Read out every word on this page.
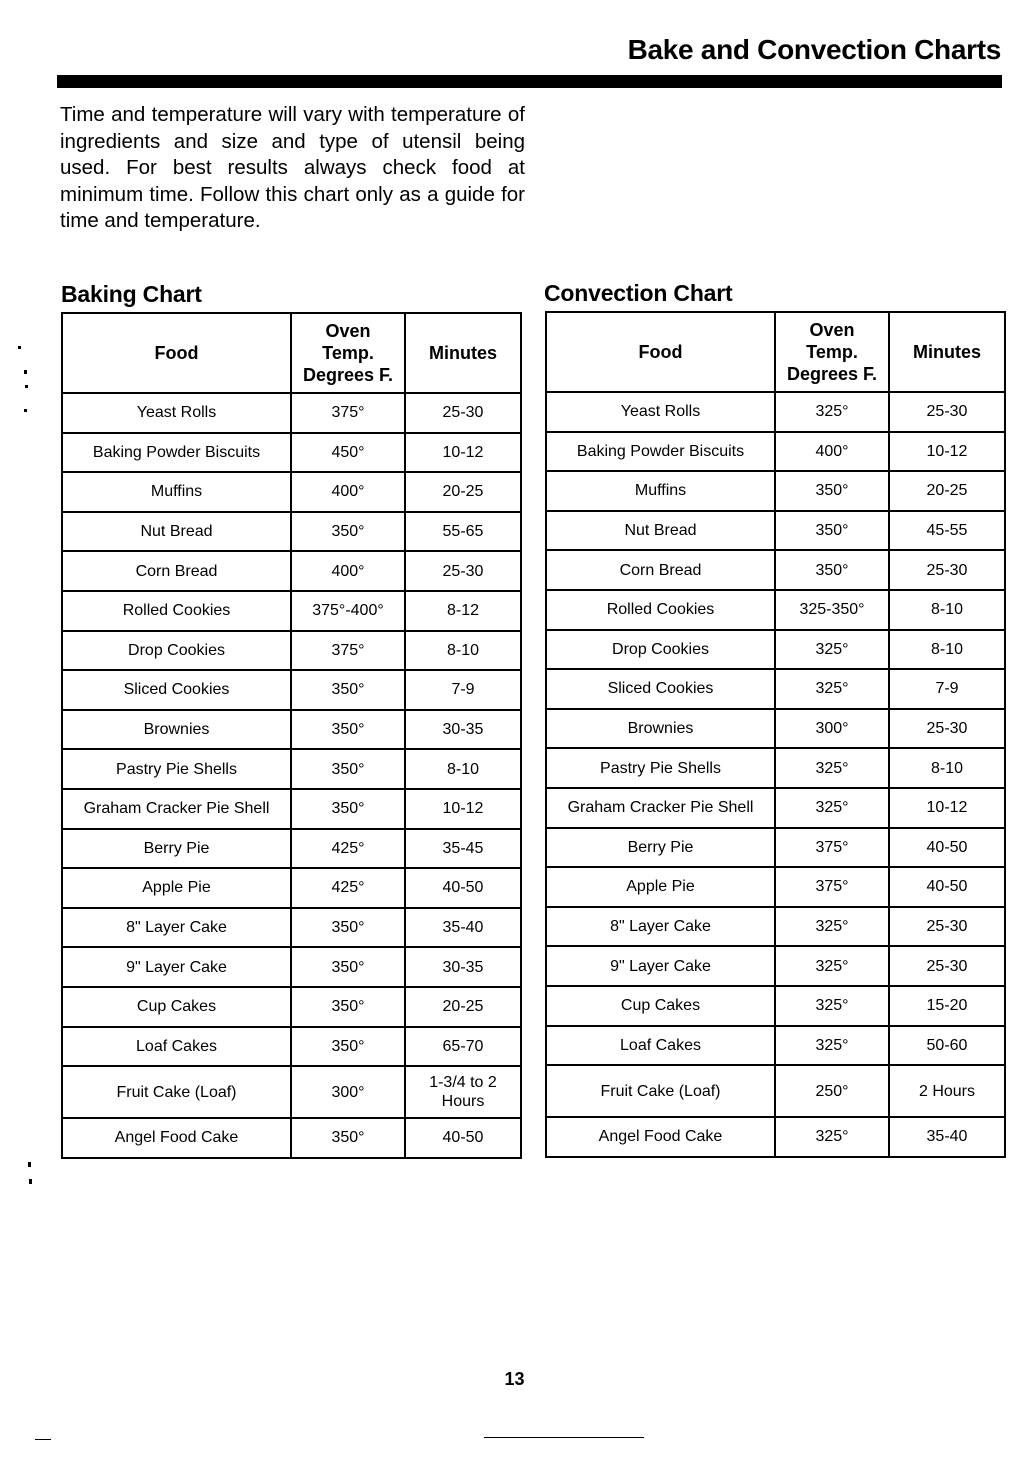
Bake and Convection Charts
Time and temperature will vary with temperature of ingredients and size and type of utensil being used. For best results always check food at minimum time. Follow this chart only as a guide for time and temperature.
Baking Chart	Convection Chart
Food	Oven
Temp.
Degrees F.	Minutes
Yeast Rolls	375°	25-30
Baking Powder Biscuits	450°	10-12
Muffins	400°	20-25
Nut Bread	350°	55-65
Corn Bread	400°	25-30
Rolled Cookies	375°-400°	8-12
Drop Cookies	375°	8-10
Sliced Cookies	350°	7-9
Brownies	350°	30-35
Pastry Pie Shells	350°	8-10
Graham Cracker Pie Shell	350°	10-12
Berry Pie	425°	35-45
Apple Pie	425°	40-50
8" Layer Cake	350°	35-40
9" Layer Cake	350°	30-35
Cup Cakes	350°	20-25
Loaf Cakes	350°	65-70
Fruit Cake (Loaf)	300°	1-3/4 to 2
Hours
Angel Food Cake	350°	40-50
Food	Oven
Temp.
Degrees F.	Minutes
Yeast Rolls	325°	25-30
Baking Powder Biscuits	400°	10-12
Muffins	350°	20-25
Nut Bread	350°	45-55
Corn Bread	350°	25-30
Rolled Cookies	325-350°	8-10
Drop Cookies	325°	8-10
Sliced Cookies	325°	7-9
Brownies	300°	25-30
Pastry Pie Shells	325°	8-10
Graham Cracker Pie Shell	325°	10-12
Berry Pie	375°	40-50
Apple Pie	375°	40-50
8" Layer Cake	325°	25-30
9" Layer Cake	325°	25-30
Cup Cakes	325°	15-20
Loaf Cakes	325°	50-60
Fruit Cake (Loaf)	250°	2 Hours
Angel Food Cake	325°	35-40
13
